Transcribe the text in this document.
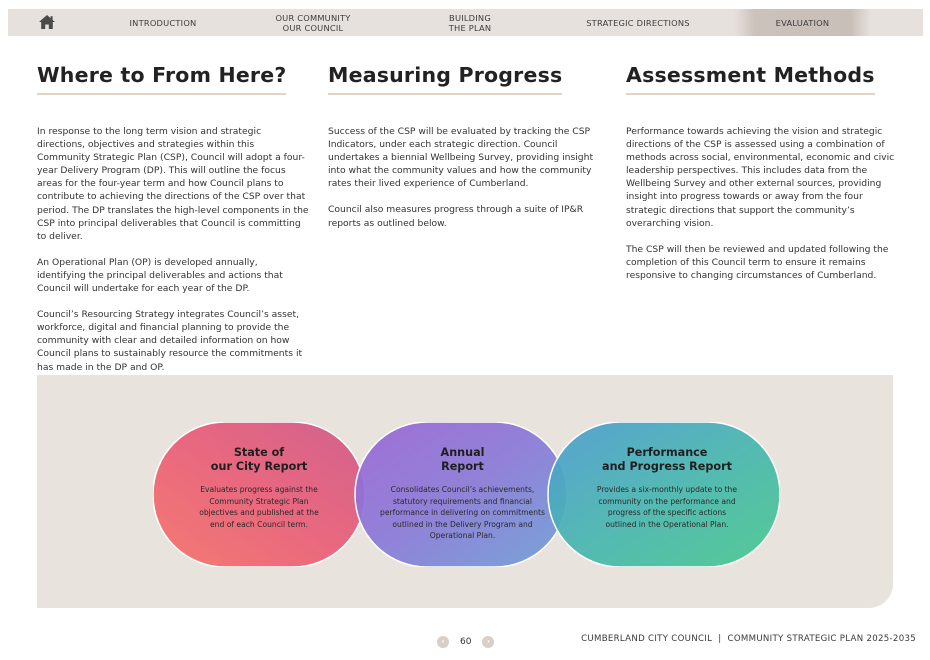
INTRODUCTION	OUR COMMUNITY
OUR COUNCIL
BUILDING
THE PLAN	STRATEGIC DIRECTIONS	EVALUATION
Where to From Here?

In response to the long term vision and strategic directions, objectives and strategies within this Community Strategic Plan (CSP), Council will adopt a four-year Delivery Program (DP). This will outline the focus areas for the four-year term and how Council plans to contribute to achieving the directions of the CSP over that period. The DP translates the high-level components in the CSP into principal deliverables that Council is committing to deliver.

An Operational Plan (OP) is developed annually, identifying the principal deliverables and actions that Council will undertake for each year of the DP.

Council’s Resourcing Strategy integrates Council’s asset, workforce, digital and financial planning to provide the community with clear and detailed information on how Council plans to sustainably resource the commitments it has made in the DP and OP.

Measuring Progress

Success of the CSP will be evaluated by tracking the CSP Indicators, under each strategic direction. Council undertakes a biennial Wellbeing Survey, providing insight into what the community values and how the community rates their lived experience of Cumberland.

Council also measures progress through a suite of IP&R reports as outlined below.

Assessment Methods

Performance towards achieving the vision and strategic directions of the CSP is assessed using a combination of methods across social, environmental, economic and civic leadership perspectives. This includes data from the Wellbeing Survey and other external sources, providing insight into progress towards or away from the four strategic directions that support the community’s overarching vision.

The CSP will then be reviewed and updated following the completion of this Council term to ensure it remains responsive to changing circumstances of Cumberland.

State of
our City Report
Evaluates progress against the
Community Strategic Plan
objectives and published at the
end of each Council term.
Annual
Report
Consolidates Council’s achievements,
statutory requirements and financial
performance in delivering on commitments
outlined in the Delivery Program and
Operational Plan.
Performance
and Progress Report
Provides a six-monthly update to the
community on the performance and
progress of the specific actions
outlined in the Operational Plan.
‹	60	›	CUMBERLAND CITY COUNCIL  |  COMMUNITY STRATEGIC PLAN 2025-2035
